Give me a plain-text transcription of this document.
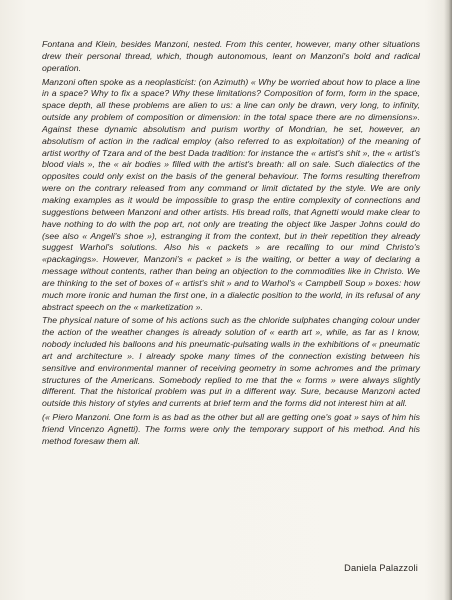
Fontana and Klein, besides Manzoni, nested. From this center, however, many other situations drew their personal thread, which, though autonomous, leant on Manzoni's bold and radical operation.

Manzoni often spoke as a neoplasticist: (on Azimuth) « Why be worried about how to place a line in a space? Why to fix a space? Why these limitations? Composition of form, form in the space, space depth, all these problems are alien to us: a line can only be drawn, very long, to infinity, outside any problem of composition or dimension: in the total space there are no dimensions». Against these dynamic absolutism and purism worthy of Mondrian, he set, however, an absolutism of action in the radical employ (also referred to as exploitation) of the meaning of artist worthy of Tzara and of the best Dada tradition: for instance the « artist's shit », the « artist's blood vials », the « air bodies » filled with the artist's breath: all on sale. Such dialectics of the opposites could only exist on the basis of the general behaviour. The forms resulting therefrom were on the contrary released from any command or limit dictated by the style. We are only making examples as it would be impossible to grasp the entire complexity of connections and suggestions between Manzoni and other artists. His bread rolls, that Agnetti would make clear to have nothing to do with the pop art, not only are treating the object like Jasper Johns could do (see also « Angeli's shoe »), estranging it from the context, but in their repetition they already suggest Warhol's solutions. Also his « packets » are recalling to our mind Christo's «packagings». However, Manzoni's « packet » is the waiting, or better a way of declaring a message without contents, rather than being an objection to the commodities like in Christo. We are thinking to the set of boxes of « artist's shit » and to Warhol's « Campbell Soup » boxes: how much more ironic and human the first one, in a dialectic position to the world, in its refusal of any abstract speech on the « marketization ».

The physical nature of some of his actions such as the chloride sulphates changing colour under the action of the weather changes is already solution of « earth art », while, as far as I know, nobody included his balloons and his pneumatic-pulsating walls in the exhibitions of « pneumatic art and architecture ». I already spoke many times of the connection existing between his sensitive and environmental manner of receiving geometry in some achromes and the primary structures of the Americans. Somebody replied to me that the « forms » were always slightly different. That the historical problem was put in a different way. Sure, because Manzoni acted outside this history of styles and currents at brief term and the forms did not interest him at all.

(« Piero Manzoni. One form is as bad as the other but all are getting one's goat » says of him his friend Vincenzo Agnetti). The forms were only the temporary support of his method. And his method foresaw them all.

Daniela Palazzoli
